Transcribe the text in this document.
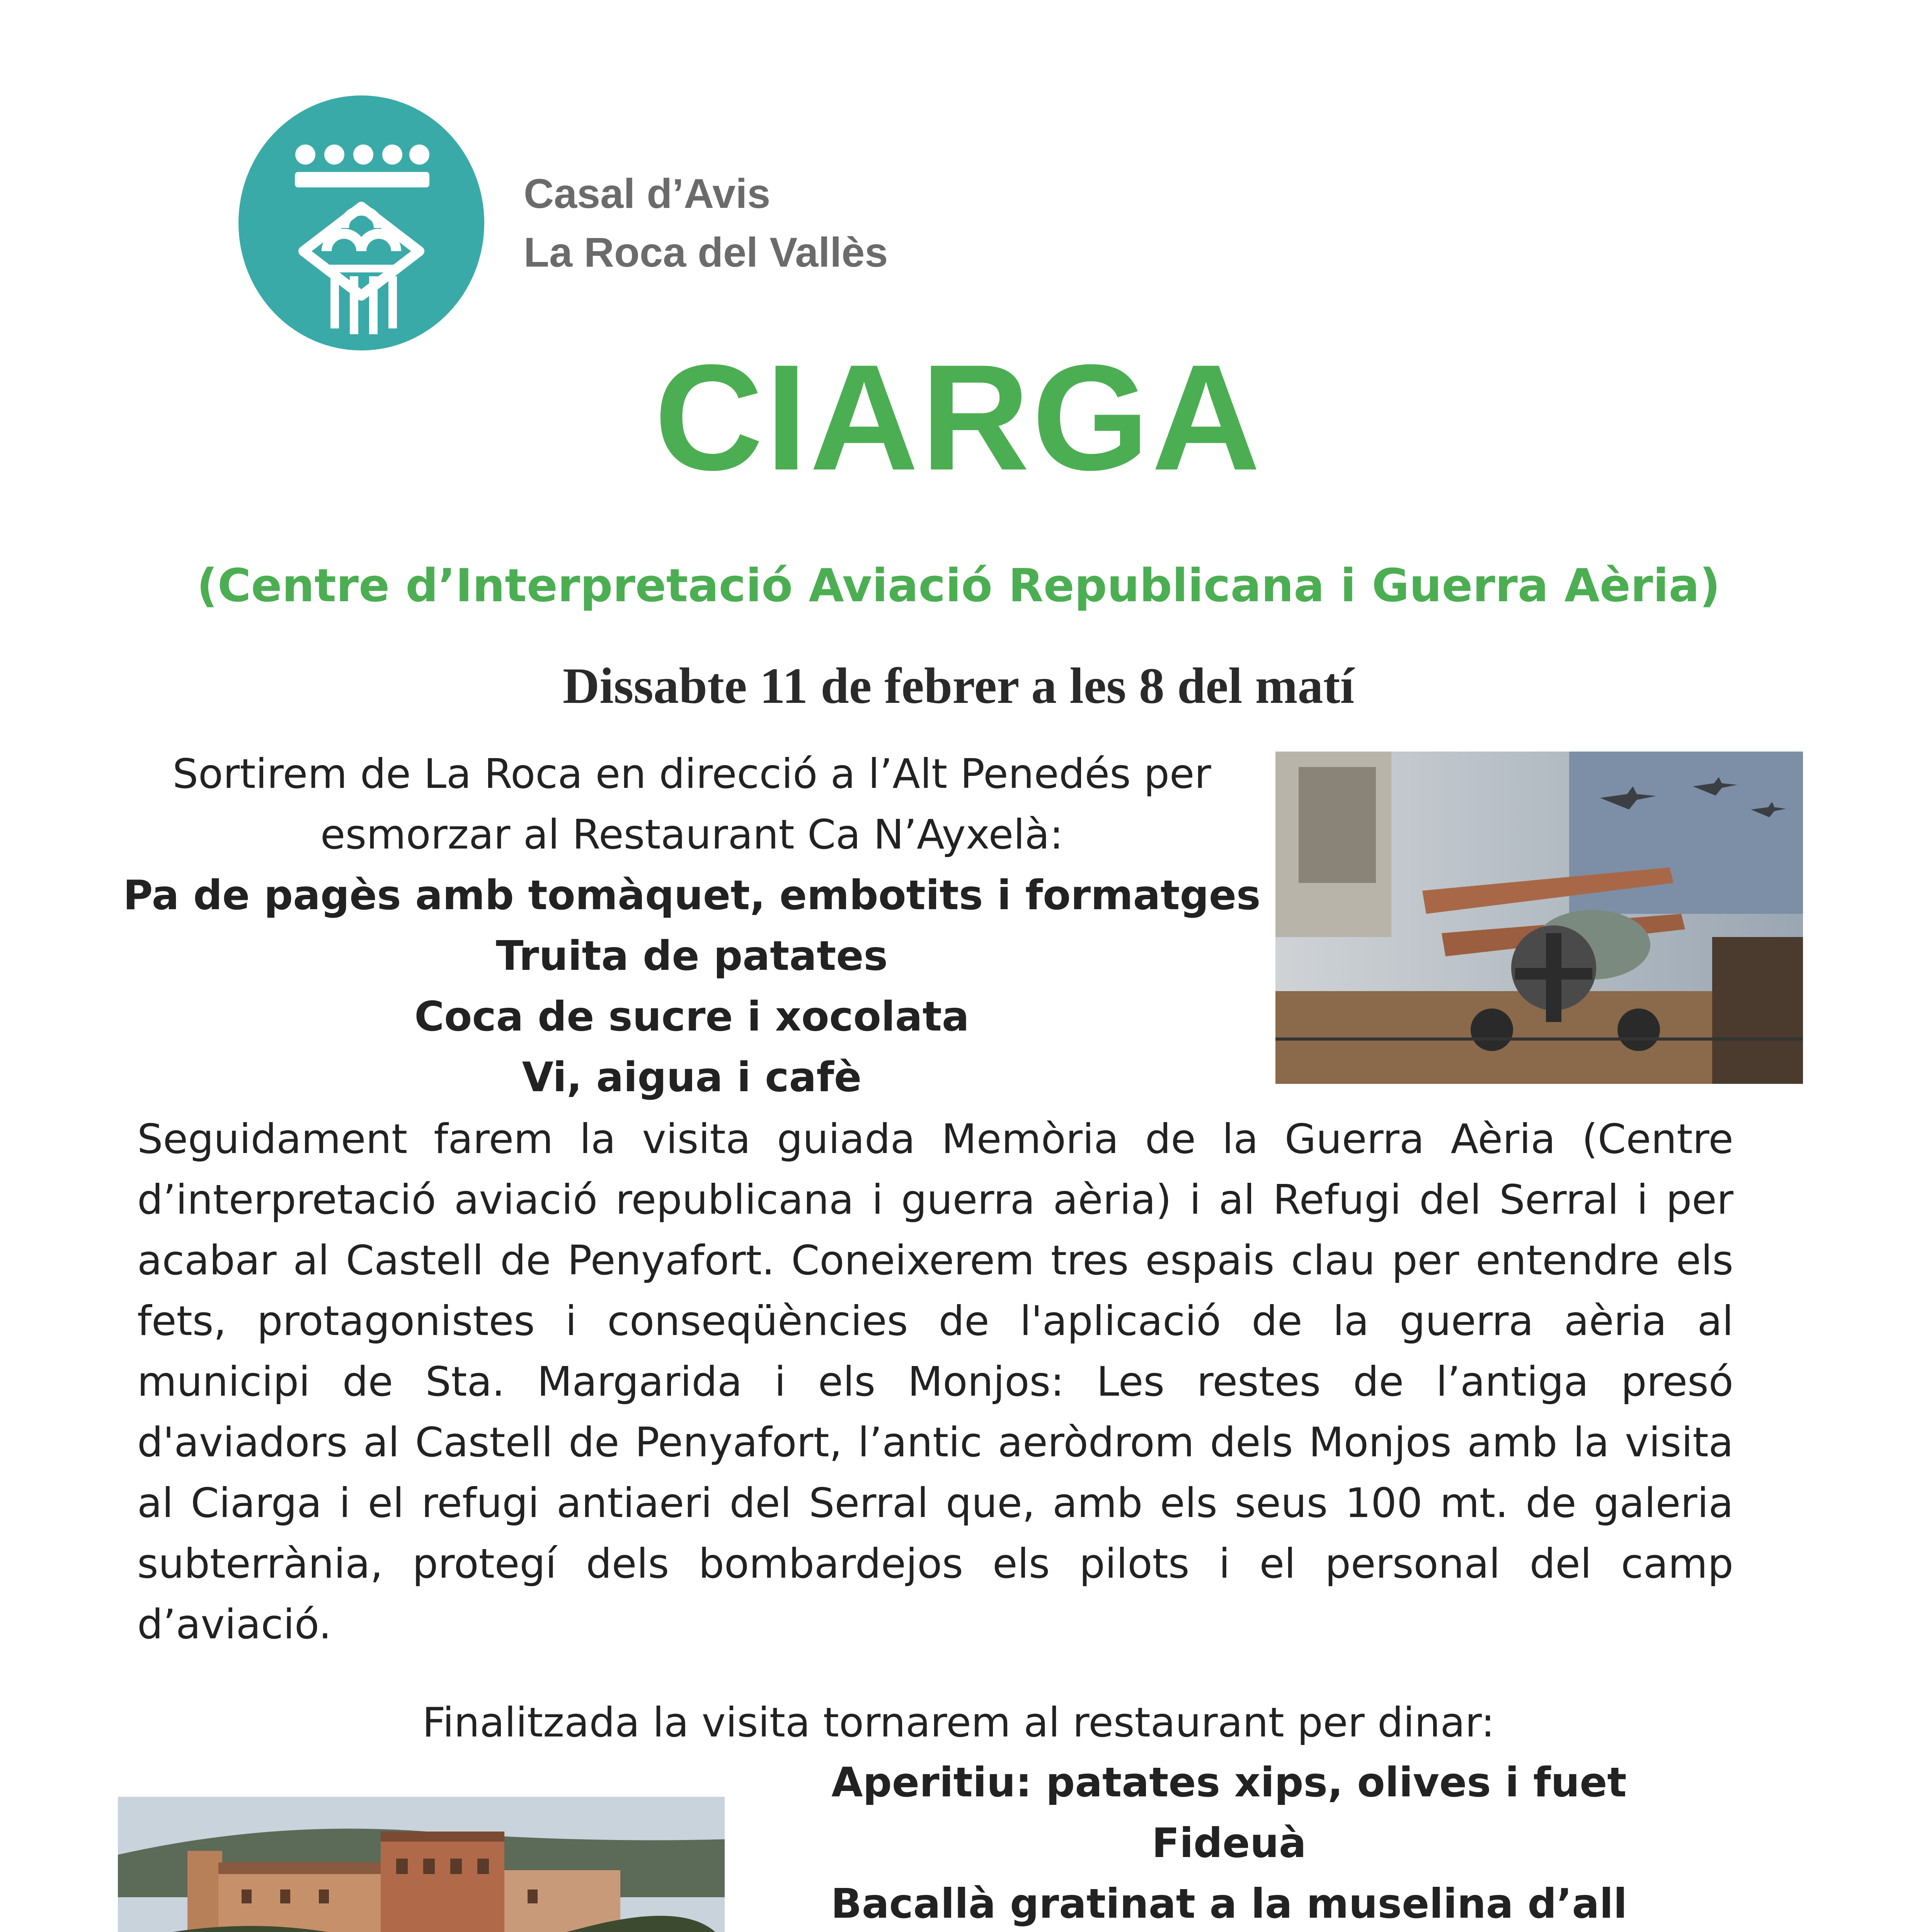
Casal d’Avis
La Roca del Vallès
CIARGA
(Centre d’Interpretació Aviació Republicana i Guerra Aèria)
Dissabte 11 de febrer a les 8 del matí
Sortirem de La Roca en direcció a l’Alt Penedés per
esmorzar al Restaurant Ca N’Ayxelà:
Pa de pagès amb tomàquet, embotits i formatges
Truita de patates
Coca de sucre i xocolata
Vi, aigua i cafè
Seguidament farem la visita guiada Memòria de la Guerra Aèria (Centre d’interpretació aviació republicana i guerra aèria) i al Refugi del Serral i per acabar al Castell de Penyafort. Coneixerem tres espais clau per entendre els fets, protagonistes i conseqüències de l'aplicació de la guerra aèria al municipi de Sta. Margarida i els Monjos: Les restes de l’antiga presó d'aviadors al Castell de Penyafort, l’antic aeròdrom dels Monjos amb la visita al Ciarga i el refugi antiaeri del Serral que, amb els seus 100 mt. de galeria subterrània, protegí dels bombardejos els pilots i el personal del camp d’aviació.
Finalitzada la visita tornarem al restaurant per dinar:
Aperitiu: patates xips, olives i fuet
Fideuà
Bacallà gratinat a la muselina d’all
